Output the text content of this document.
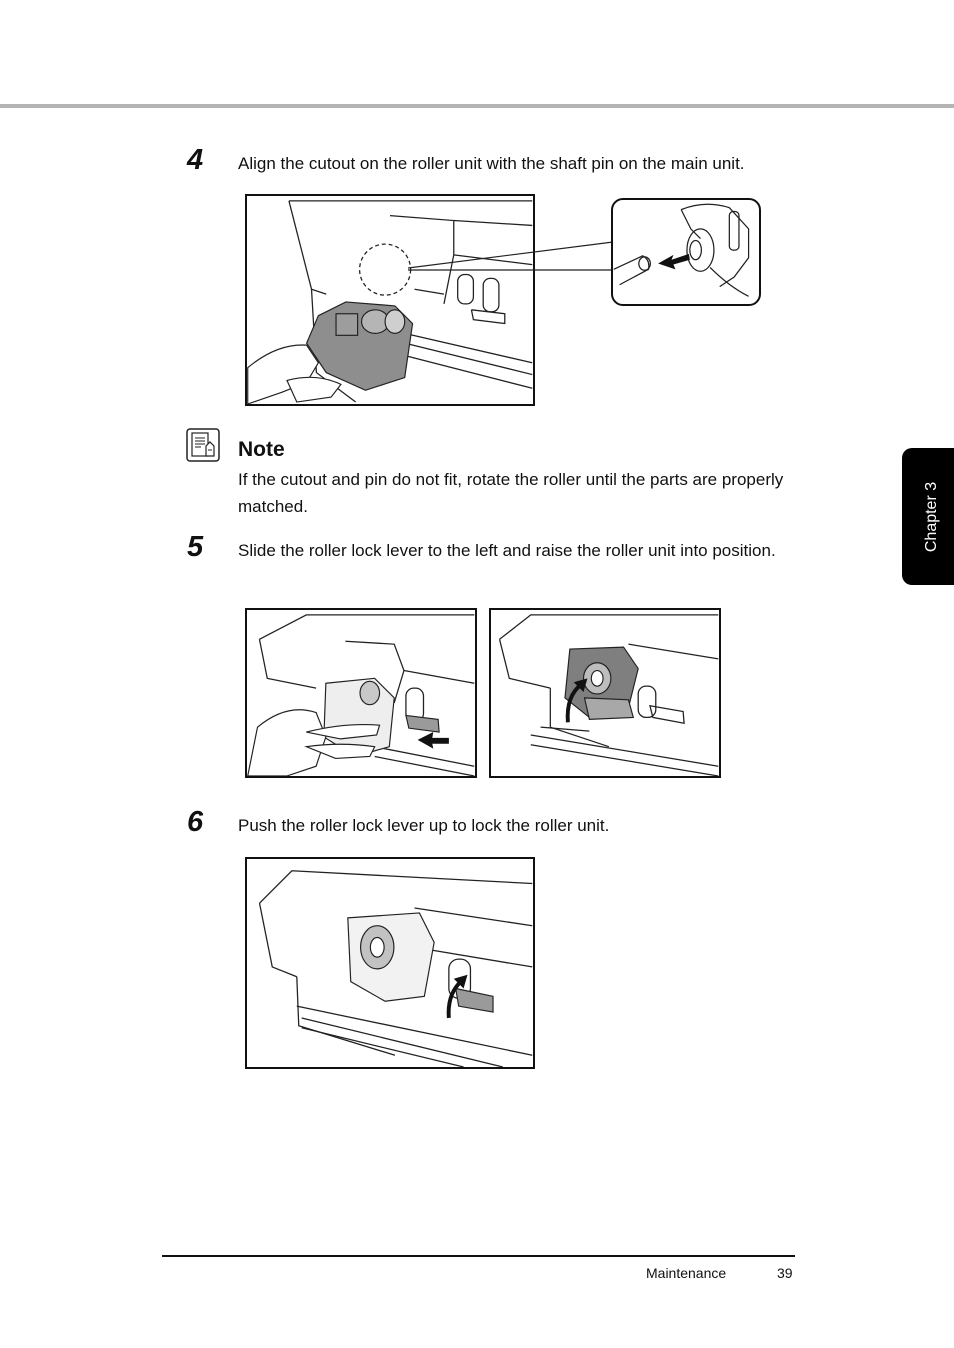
4 Align the cutout on the roller unit with the shaft pin on the main unit.
Note
If the cutout and pin do not fit, rotate the roller until the parts are properly matched.
5 Slide the roller lock lever to the left and raise the roller unit into position.
6 Push the roller lock lever up to lock the roller unit.
Chapter 3
Maintenance	39
